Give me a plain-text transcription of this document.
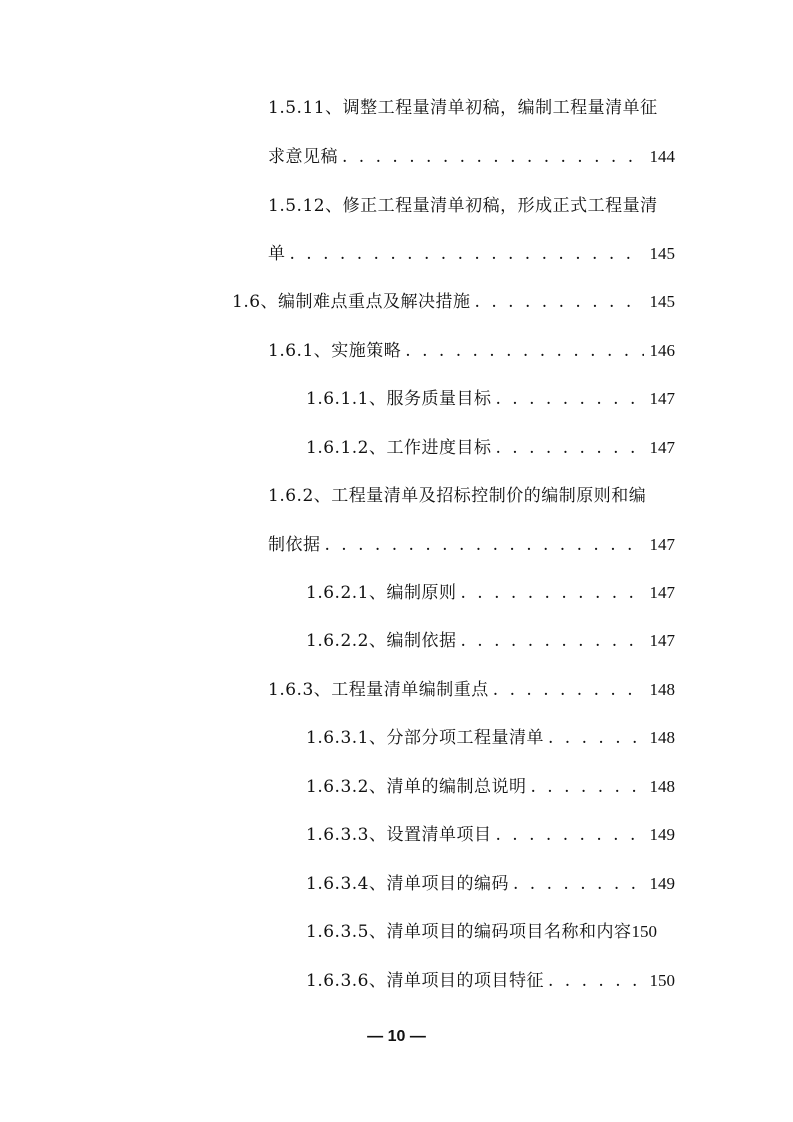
1.5.11、调整工程量清单初稿，编制工程量清单征
求意见稿 . . .	144
1.5.12、修正工程量清单初稿，形成正式工程量清
单 . . .	145
1.6、编制难点重点及解决措施 . . .	145
1.6.1、实施策略 . . .	146
1.6.1.1、服务质量目标 . . .	147
1.6.1.2、工作进度目标 . . .	147
1.6.2、工程量清单及招标控制价的编制原则和编
制依据 . . .	147
1.6.2.1、编制原则 . . .	147
1.6.2.2、编制依据 . . .	147
1.6.3、工程量清单编制重点 . . .	148
1.6.3.1、分部分项工程量清单 . . .	148
1.6.3.2、清单的编制总说明 . . .	148
1.6.3.3、设置清单项目 . . .	149
1.6.3.4、清单项目的编码 . . .	149
1.6.3.5、清单项目的编码项目名称和内容 150
1.6.3.6、清单项目的项目特征 . . .	150
— 10 —
